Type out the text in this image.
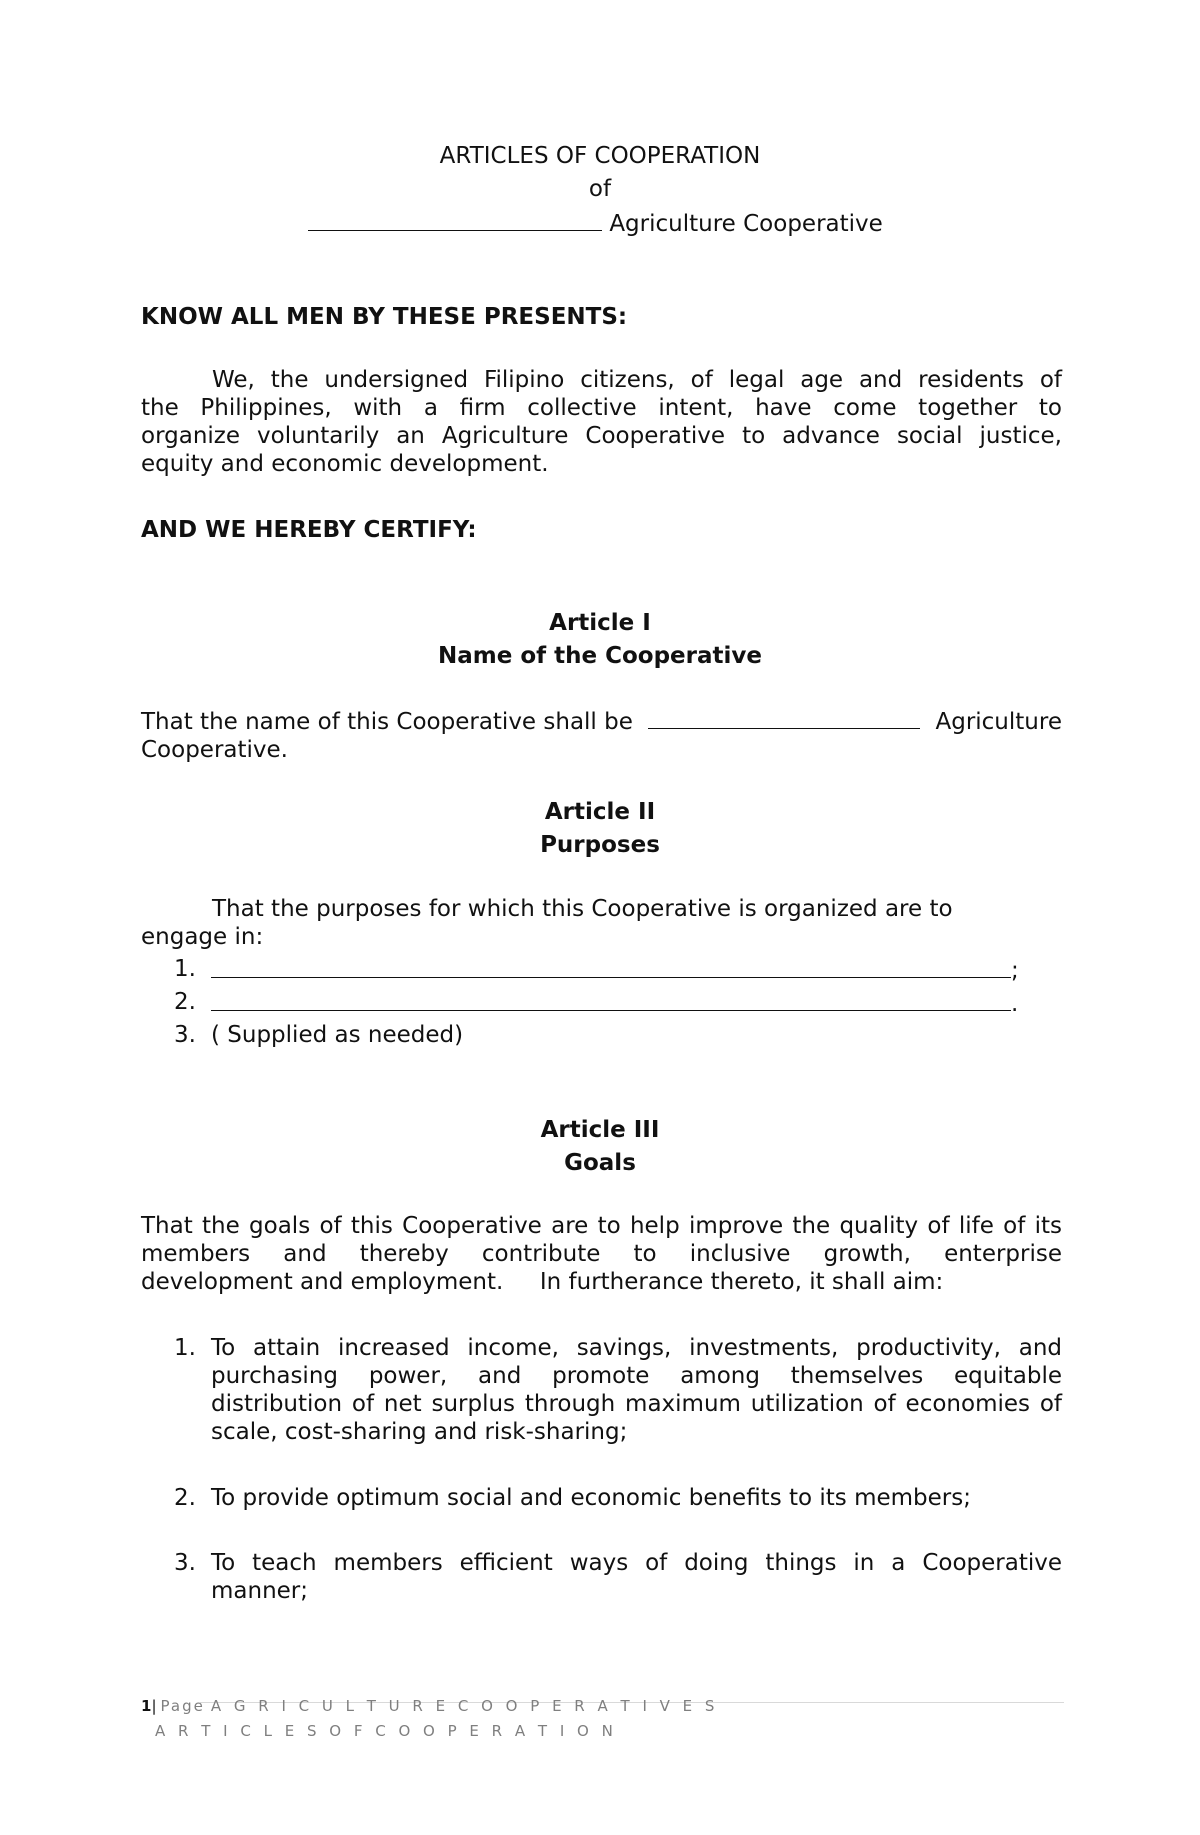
ARTICLES OF COOPERATION
of
Agriculture Cooperative
KNOW ALL MEN BY THESE PRESENTS:
We, the undersigned Filipino citizens, of legal age and residents of
the Philippines, with a firm collective intent, have come together to
organize voluntarily an Agriculture Cooperative to advance social justice,
equity and economic development.
AND WE HEREBY CERTIFY:
Article I
Name of the Cooperative
That the name of this Cooperative shall be	Agriculture
Cooperative.
Article II
Purposes
That the purposes for which this Cooperative is organized are to
engage in:
1.	;
2.	.
3. ( Supplied as needed)
Article III
Goals
That the goals of this Cooperative are to help improve the quality of life of its
members and thereby contribute to inclusive growth, enterprise
development and employment.     In furtherance thereto, it shall aim:
1. To attain increased income, savings, investments, productivity, and
purchasing power, and promote among themselves equitable
distribution of net surplus through maximum utilization of economies of
scale, cost-sharing and risk-sharing;
2. To provide optimum social and economic benefits to its members;
3. To teach members efficient ways of doing things in a Cooperative
manner;
1| Page A G R I C U L T U R E C O O P E R A T I V E S
A R T I C L E S O F C O O P E R A T I O N
